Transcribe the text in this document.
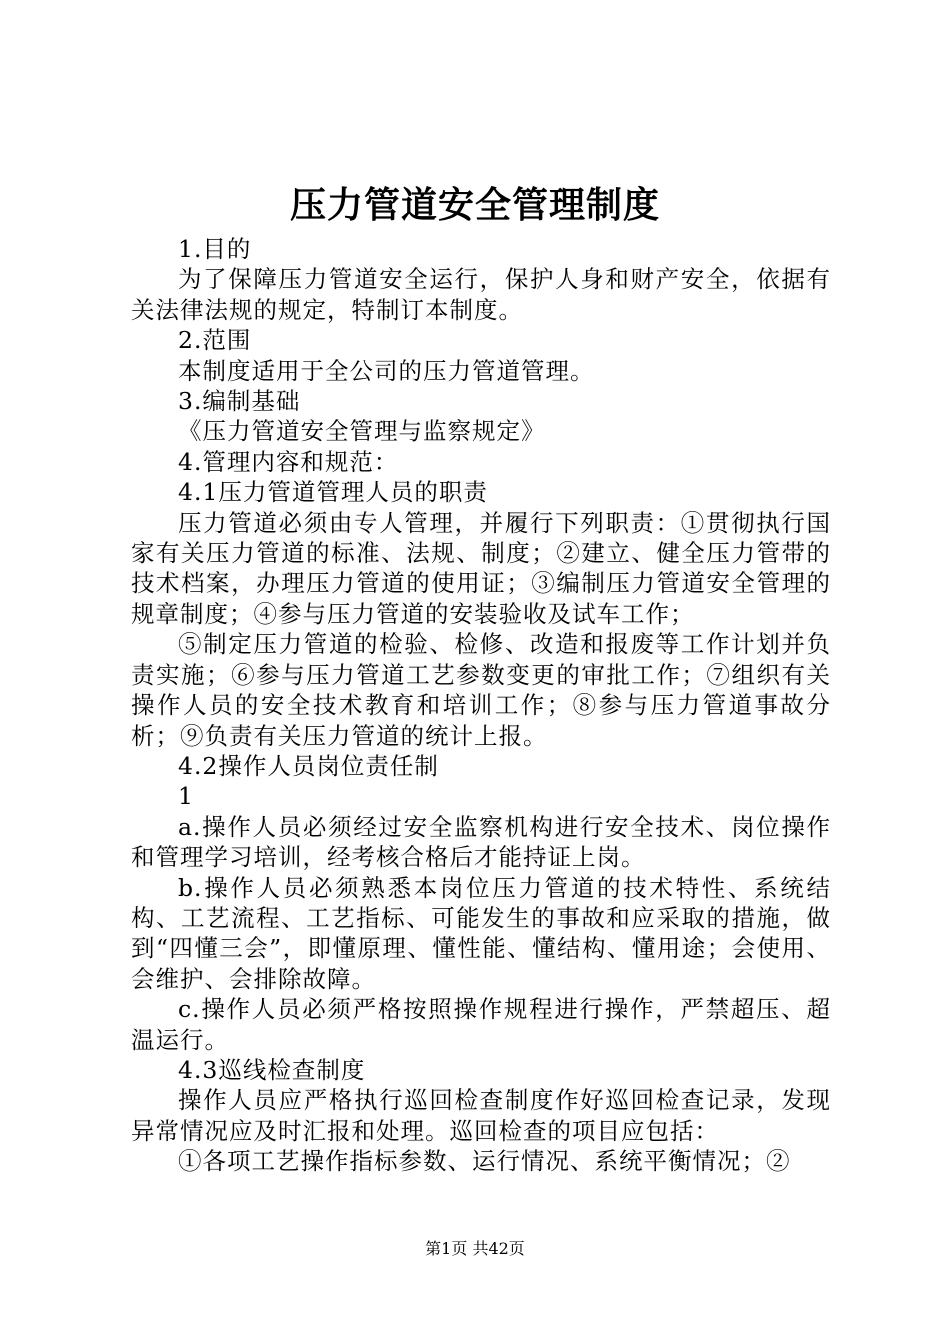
压力管道安全管理制度

1.目的

为了保障压力管道安全运行，保护人身和财产安全，依据有关法律法规的规定，特制订本制度。

2.范围

本制度适用于全公司的压力管道管理。

3.编制基础

《压力管道安全管理与监察规定》

4.管理内容和规范：

4.1压力管道管理人员的职责

压力管道必须由专人管理，并履行下列职责：①贯彻执行国家有关压力管道的标准、法规、制度；②建立、健全压力管带的技术档案，办理压力管道的使用证；③编制压力管道安全管理的规章制度；④参与压力管道的安装验收及试车工作；

⑤制定压力管道的检验、检修、改造和报废等工作计划并负责实施；⑥参与压力管道工艺参数变更的审批工作；⑦组织有关操作人员的安全技术教育和培训工作；⑧参与压力管道事故分析；⑨负责有关压力管道的统计上报。

4.2操作人员岗位责任制

1

a.操作人员必须经过安全监察机构进行安全技术、岗位操作和管理学习培训，经考核合格后才能持证上岗。

b.操作人员必须熟悉本岗位压力管道的技术特性、系统结构、工艺流程、工艺指标、可能发生的事故和应采取的措施，做到“四懂三会”，即懂原理、懂性能、懂结构、懂用途；会使用、会维护、会排除故障。

c.操作人员必须严格按照操作规程进行操作，严禁超压、超温运行。

4.3巡线检查制度

操作人员应严格执行巡回检查制度作好巡回检查记录，发现异常情况应及时汇报和处理。巡回检查的项目应包括：

①各项工艺操作指标参数、运行情况、系统平衡情况；②

第1页 共42页
